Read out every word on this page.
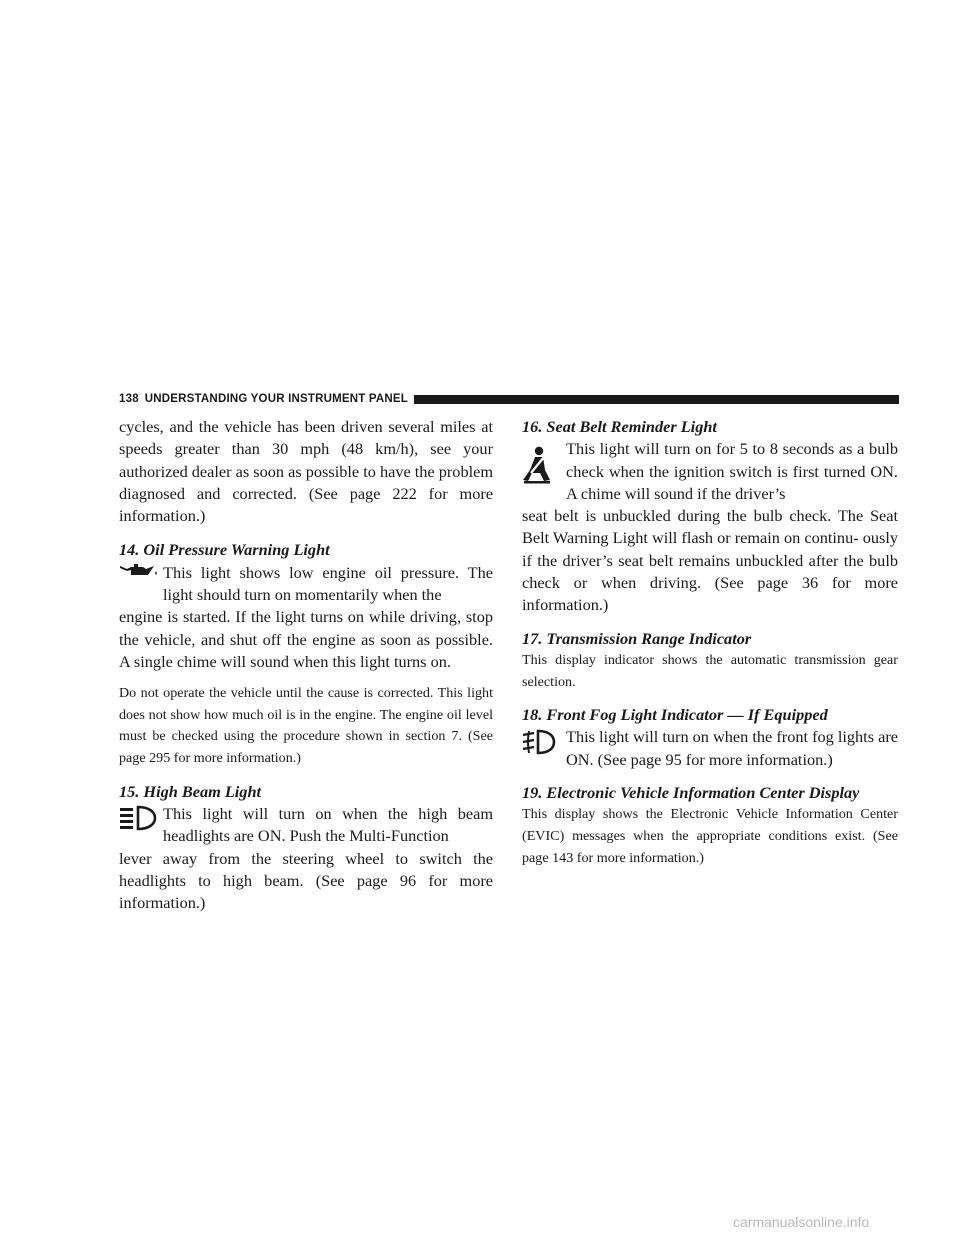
138 UNDERSTANDING YOUR INSTRUMENT PANEL

cycles, and the vehicle has been driven several miles at speeds greater than 30 mph (48 km/h), see your authorized dealer as soon as possible to have the problem diagnosed and corrected. (See page 222 for more information.)

14. Oil Pressure Warning Light

This light shows low engine oil pressure. The light should turn on momentarily when the

engine is started. If the light turns on while driving, stop the vehicle, and shut off the engine as soon as possible. A single chime will sound when this light turns on.

Do not operate the vehicle until the cause is corrected. This light does not show how much oil is in the engine. The engine oil level must be checked using the procedure shown in section 7. (See page 295 for more information.)

15. High Beam Light

This light will turn on when the high beam headlights are ON. Push the Multi-Function

lever away from the steering wheel to switch the headlights to high beam. (See page 96 for more information.)

16. Seat Belt Reminder Light

This light will turn on for 5 to 8 seconds as a bulb check when the ignition switch is first turned ON. A chime will sound if the driver’s

seat belt is unbuckled during the bulb check. The Seat Belt Warning Light will flash or remain on continu- ously if the driver’s seat belt remains unbuckled after the bulb check or when driving. (See page 36 for more information.)

17. Transmission Range Indicator

This display indicator shows the automatic transmission gear selection.

18. Front Fog Light Indicator — If Equipped

This light will turn on when the front fog lights are ON. (See page 95 for more information.)

19. Electronic Vehicle Information Center Display

This display shows the Electronic Vehicle Information Center (EVIC) messages when the appropriate conditions exist. (See page 143 for more information.)

carmanualsonline.info
